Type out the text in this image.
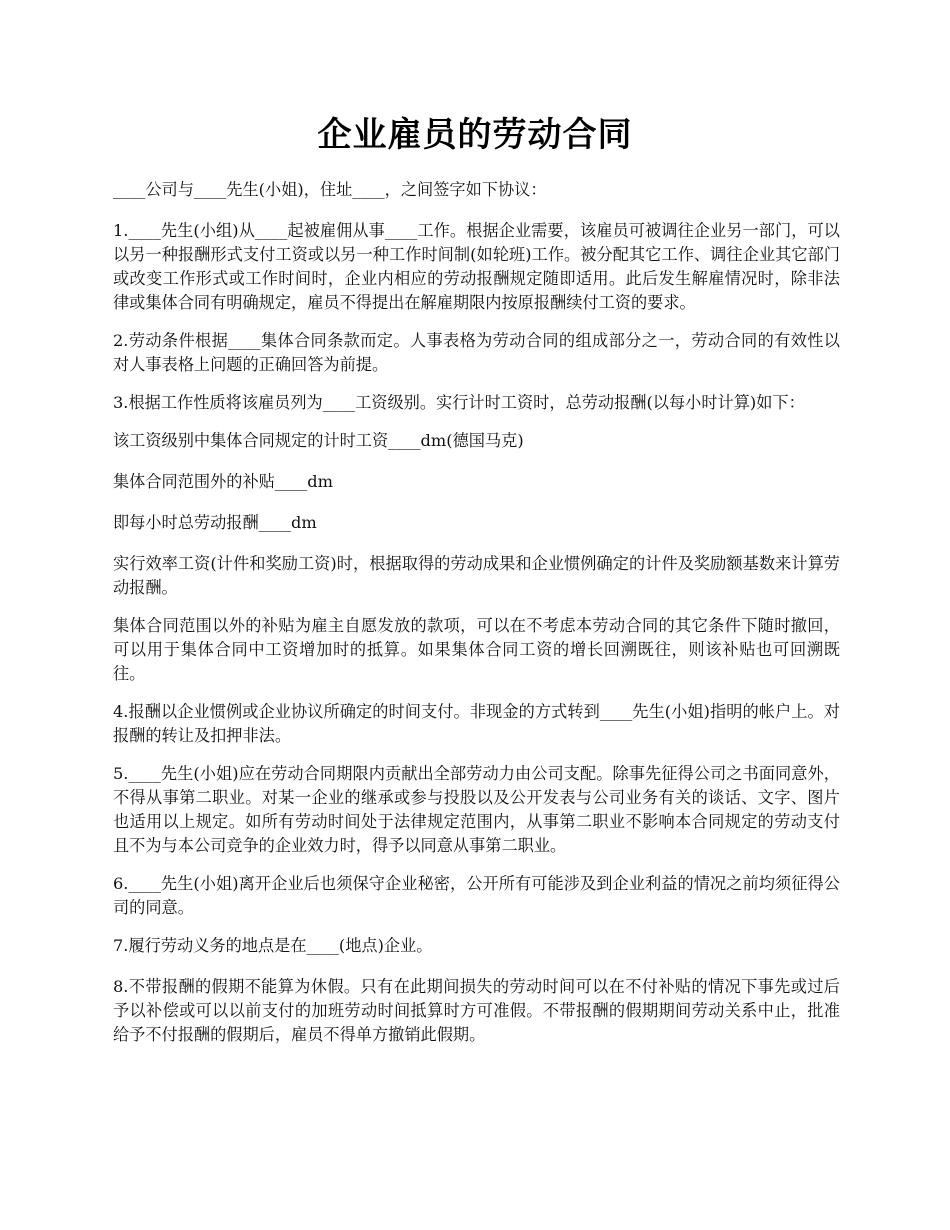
企业雇员的劳动合同

____公司与____先生(小姐)，住址____，之间签字如下协议：

1.____先生(小组)从____起被雇佣从事____工作。根据企业需要，该雇员可被调往企业另一部门，可以以另一种报酬形式支付工资或以另一种工作时间制(如轮班)工作。被分配其它工作、调往企业其它部门或改变工作形式或工作时间时，企业内相应的劳动报酬规定随即适用。此后发生解雇情况时，除非法律或集体合同有明确规定，雇员不得提出在解雇期限内按原报酬续付工资的要求。

2.劳动条件根据____集体合同条款而定。人事表格为劳动合同的组成部分之一，劳动合同的有效性以对人事表格上问题的正确回答为前提。

3.根据工作性质将该雇员列为____工资级别。实行计时工资时，总劳动报酬(以每小时计算)如下：

该工资级别中集体合同规定的计时工资____dm(德国马克)

集体合同范围外的补贴____dm

即每小时总劳动报酬____dm

实行效率工资(计件和奖励工资)时，根据取得的劳动成果和企业惯例确定的计件及奖励额基数来计算劳动报酬。

集体合同范围以外的补贴为雇主自愿发放的款项，可以在不考虑本劳动合同的其它条件下随时撤回，可以用于集体合同中工资增加时的抵算。如果集体合同工资的增长回溯既往，则该补贴也可回溯既往。

4.报酬以企业惯例或企业协议所确定的时间支付。非现金的方式转到____先生(小姐)指明的帐户上。对报酬的转让及扣押非法。

5.____先生(小姐)应在劳动合同期限内贡献出全部劳动力由公司支配。除事先征得公司之书面同意外，不得从事第二职业。对某一企业的继承或参与投股以及公开发表与公司业务有关的谈话、文字、图片也适用以上规定。如所有劳动时间处于法律规定范围内，从事第二职业不影响本合同规定的劳动支付且不为与本公司竞争的企业效力时，得予以同意从事第二职业。

6.____先生(小姐)离开企业后也须保守企业秘密，公开所有可能涉及到企业利益的情况之前均须征得公司的同意。

7.履行劳动义务的地点是在____(地点)企业。

8.不带报酬的假期不能算为休假。只有在此期间损失的劳动时间可以在不付补贴的情况下事先或过后予以补偿或可以以前支付的加班劳动时间抵算时方可准假。不带报酬的假期期间劳动关系中止，批准给予不付报酬的假期后，雇员不得单方撤销此假期。
